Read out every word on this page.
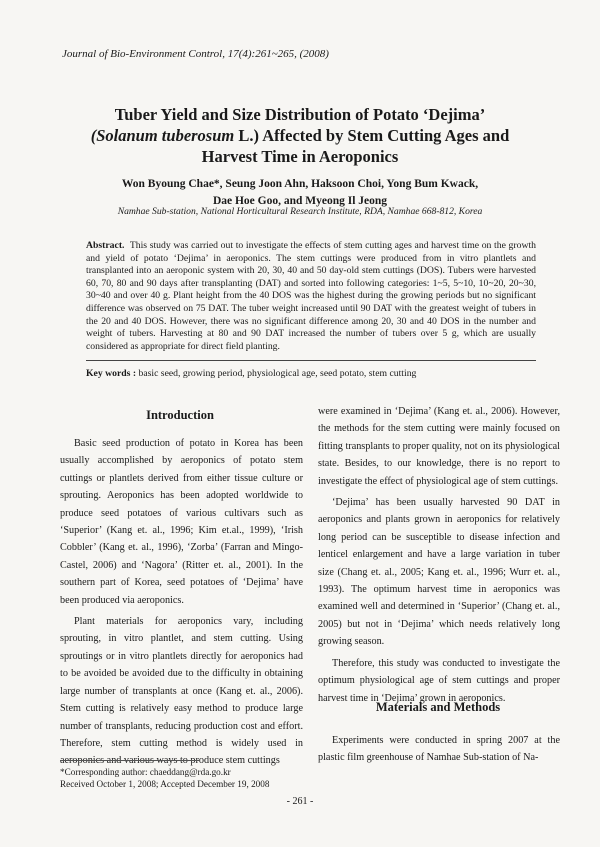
Journal of Bio-Environment Control, 17(4):261~265, (2008)
Tuber Yield and Size Distribution of Potato ‘Dejima’
(Solanum tuberosum L.) Affected by Stem Cutting Ages and
Harvest Time in Aeroponics
Won Byoung Chae*, Seung Joon Ahn, Haksoon Choi, Yong Bum Kwack,
Dae Hoe Goo, and Myeong Il Jeong
Namhae Sub-station, National Horticultural Research Institute, RDA, Namhae 668-812, Korea
Abstract. This study was carried out to investigate the effects of stem cutting ages and harvest time on the growth and yield of potato ‘Dejima’ in aeroponics. The stem cuttings were produced from in vitro plantlets and transplanted into an aeroponic system with 20, 30, 40 and 50 day-old stem cuttings (DOS). Tubers were harvested 60, 70, 80 and 90 days after transplanting (DAT) and sorted into following categories: 1~5, 5~10, 10~20, 20~30, 30~40 and over 40 g. Plant height from the 40 DOS was the highest during the growing periods but no significant difference was observed on 75 DAT. The tuber weight increased until 90 DAT with the greatest weight of tubers in the 20 and 40 DOS. However, there was no significant difference among 20, 30 and 40 DOS in the number and weight of tubers. Harvesting at 80 and 90 DAT increased the number of tubers over 5 g, which are usually considered as appropriate for direct field planting.
Key words : basic seed, growing period, physiological age, seed potato, stem cutting
Introduction

Basic seed production of potato in Korea has been usually accomplished by aeroponics of potato stem cuttings or plantlets derived from either tissue culture or sprouting. Aeroponics has been adopted worldwide to produce seed potatoes of various cultivars such as ‘Superior’ (Kang et. al., 1996; Kim et.al., 1999), ‘Irish Cobbler’ (Kang et. al., 1996), ‘Zorba’ (Farran and Mingo-Castel, 2006) and ‘Nagora’ (Ritter et. al., 2001). In the southern part of Korea, seed potatoes of ‘Dejima’ have been produced via aeroponics.

Plant materials for aeroponics vary, including sprouting, in vitro plantlet, and stem cutting. Using sproutings or in vitro plantlets directly for aeroponics had to be avoided be avoided due to the difficulty in obtaining large number of transplants at once (Kang et. al., 2006). Stem cutting is relatively easy method to produce large number of transplants, reducing production cost and effort. Therefore, stem cutting method is widely used in aeroponics and various ways to produce stem cuttings

were examined in ‘Dejima’ (Kang et. al., 2006). However, the methods for the stem cutting were mainly focused on fitting transplants to proper quality, not on its physiological state. Besides, to our knowledge, there is no report to investigate the effect of physiological age of stem cuttings.

‘Dejima’ has been usually harvested 90 DAT in aeroponics and plants grown in aeroponics for relatively long period can be susceptible to disease infection and lenticel enlargement and have a large variation in tuber size (Chang et. al., 2005; Kang et. al., 1996; Wurr et. al., 1993). The optimum harvest time in aeroponics was examined well and determined in ‘Superior’ (Chang et. al., 2005) but not in ‘Dejima’ which needs relatively long growing season.

Therefore, this study was conducted to investigate the optimum physiological age of stem cuttings and proper harvest time in ‘Dejima’ grown in aeroponics.

Materials and Methods

Experiments were conducted in spring 2007 at the plastic film greenhouse of Namhae Sub-station of Na-

*Corresponding author: chaeddang@rda.go.kr
Received October 1, 2008; Accepted December 19, 2008
- 261 -
